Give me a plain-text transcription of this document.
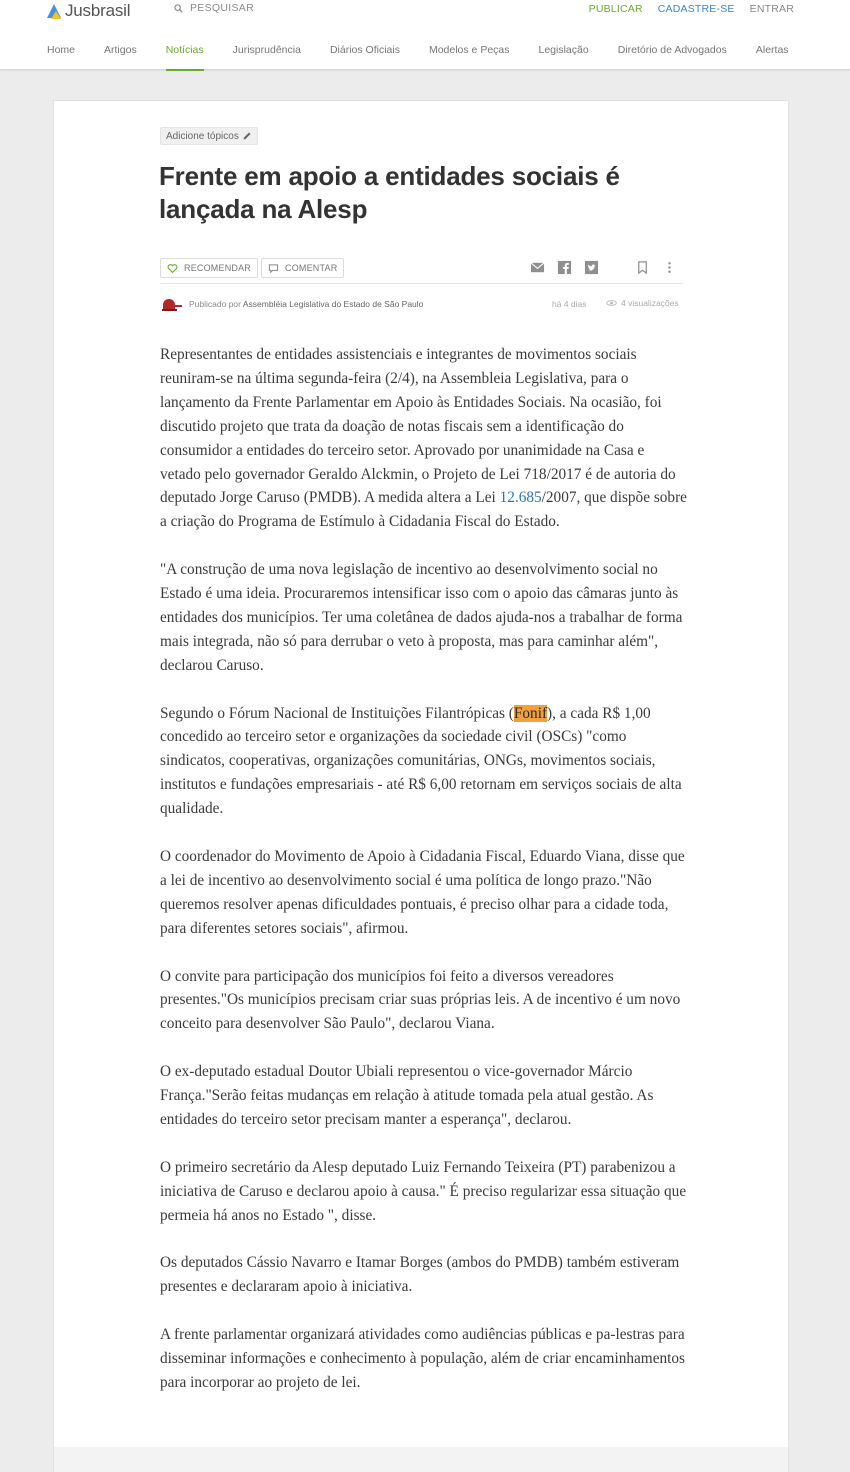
Jusbrasil	PESQUISAR	PUBLICAR CADASTRE-SE ENTRAR
Home	Artigos	Notícias	Jurisprudência	Diários Oficiais	Modelos e Peças	Legislação	Diretório de Advogados	Alertas
Adicione tópicos
Frente em apoio a entidades sociais é lançada na Alesp
RECOMENDAR	COMENTAR
Publicado por Assembléia Legislativa do Estado de São Paulo	há 4 dias	4 visualizações

Representantes de entidades assistenciais e integrantes de movimentos sociais reuniram-se na última segunda-feira (2/4), na Assembleia Legislativa, para o lançamento da Frente Parlamentar em Apoio às Entidades Sociais. Na ocasião, foi discutido projeto que trata da doação de notas fiscais sem a identificação do consumidor a entidades do terceiro setor. Aprovado por unanimidade na Casa e vetado pelo governador Geraldo Alckmin, o Projeto de Lei 718/2017 é de autoria do deputado Jorge Caruso (PMDB). A medida altera a Lei 12.685/2007, que dispõe sobre a criação do Programa de Estímulo à Cidadania Fiscal do Estado.

"A construção de uma nova legislação de incentivo ao desenvolvimento social no Estado é uma ideia. Procuraremos intensificar isso com o apoio das câmaras junto às entidades dos municípios. Ter uma coletânea de dados ajuda-nos a trabalhar de forma mais integrada, não só para derrubar o veto à proposta, mas para caminhar além", declarou Caruso.

Segundo o Fórum Nacional de Instituições Filantrópicas (Fonif), a cada R$ 1,00 concedido ao terceiro setor e organizações da sociedade civil (OSCs) "como sindicatos, cooperativas, organizações comunitárias, ONGs, movimentos sociais, institutos e fundações empresariais - até R$ 6,00 retornam em serviços sociais de alta qualidade.

O coordenador do Movimento de Apoio à Cidadania Fiscal, Eduardo Viana, disse que a lei de incentivo ao desenvolvimento social é uma política de longo prazo."Não queremos resolver apenas dificuldades pontuais, é preciso olhar para a cidade toda, para diferentes setores sociais", afirmou.

O convite para participação dos municípios foi feito a diversos vereadores presentes."Os municípios precisam criar suas próprias leis. A de incentivo é um novo conceito para desenvolver São Paulo", declarou Viana.

O ex-deputado estadual Doutor Ubiali representou o vice-governador Márcio França."Serão feitas mudanças em relação à atitude tomada pela atual gestão. As entidades do terceiro setor precisam manter a esperança", declarou.

O primeiro secretário da Alesp deputado Luiz Fernando Teixeira (PT) parabenizou a iniciativa de Caruso e declarou apoio à causa." É preciso regularizar essa situação que permeia há anos no Estado ", disse.

Os deputados Cássio Navarro e Itamar Borges (ambos do PMDB) também estiveram presentes e declararam apoio à iniciativa.

A frente parlamentar organizará atividades como audiências públicas e pa-lestras para disseminar informações e conhecimento à população, além de criar encaminhamentos para incorporar ao projeto de lei.
